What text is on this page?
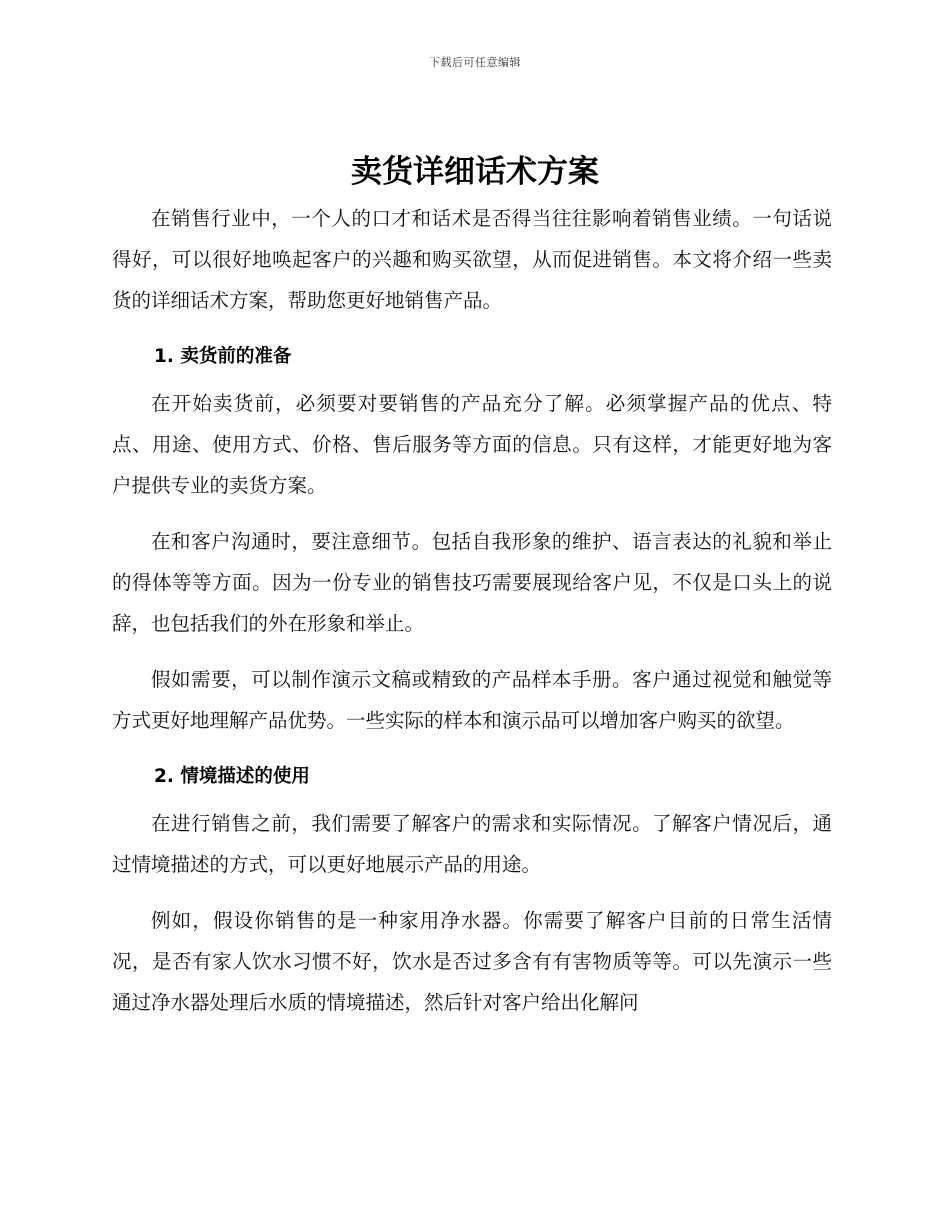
下载后可任意编辑
卖货详细话术方案

在销售行业中，一个人的口才和话术是否得当往往影响着销售业绩。一句话说得好，可以很好地唤起客户的兴趣和购买欲望，从而促进销售。本文将介绍一些卖货的详细话术方案，帮助您更好地销售产品。

1. 卖货前的准备

在开始卖货前，必须要对要销售的产品充分了解。必须掌握产品的优点、特点、用途、使用方式、价格、售后服务等方面的信息。只有这样，才能更好地为客户提供专业的卖货方案。

在和客户沟通时，要注意细节。包括自我形象的维护、语言表达的礼貌和举止的得体等等方面。因为一份专业的销售技巧需要展现给客户见，不仅是口头上的说辞，也包括我们的外在形象和举止。

假如需要，可以制作演示文稿或精致的产品样本手册。客户通过视觉和触觉等方式更好地理解产品优势。一些实际的样本和演示品可以增加客户购买的欲望。

2. 情境描述的使用

在进行销售之前，我们需要了解客户的需求和实际情况。了解客户情况后，通过情境描述的方式，可以更好地展示产品的用途。

例如，假设你销售的是一种家用净水器。你需要了解客户目前的日常生活情况，是否有家人饮水习惯不好，饮水是否过多含有有害物质等等。可以先演示一些通过净水器处理后水质的情境描述，然后针对客户给出化解问
